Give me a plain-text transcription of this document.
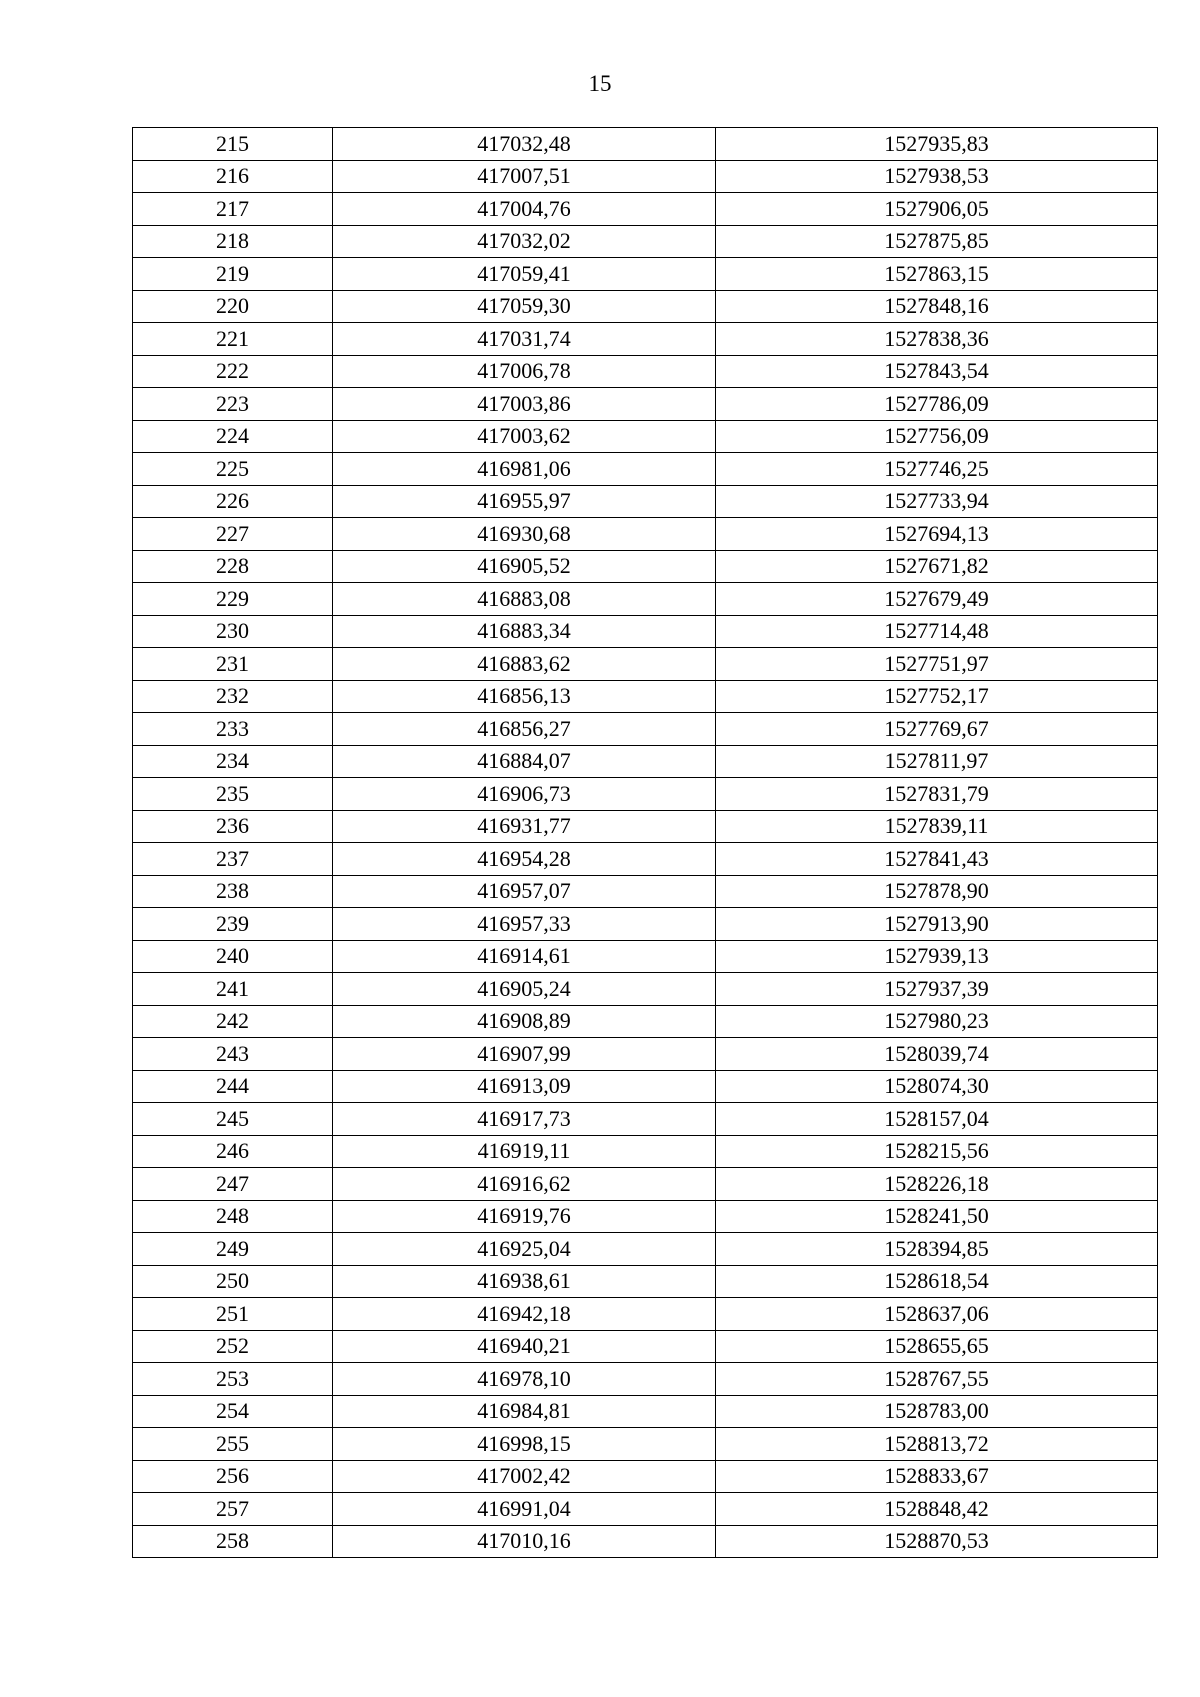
15
215	417032,48	1527935,83
216	417007,51	1527938,53
217	417004,76	1527906,05
218	417032,02	1527875,85
219	417059,41	1527863,15
220	417059,30	1527848,16
221	417031,74	1527838,36
222	417006,78	1527843,54
223	417003,86	1527786,09
224	417003,62	1527756,09
225	416981,06	1527746,25
226	416955,97	1527733,94
227	416930,68	1527694,13
228	416905,52	1527671,82
229	416883,08	1527679,49
230	416883,34	1527714,48
231	416883,62	1527751,97
232	416856,13	1527752,17
233	416856,27	1527769,67
234	416884,07	1527811,97
235	416906,73	1527831,79
236	416931,77	1527839,11
237	416954,28	1527841,43
238	416957,07	1527878,90
239	416957,33	1527913,90
240	416914,61	1527939,13
241	416905,24	1527937,39
242	416908,89	1527980,23
243	416907,99	1528039,74
244	416913,09	1528074,30
245	416917,73	1528157,04
246	416919,11	1528215,56
247	416916,62	1528226,18
248	416919,76	1528241,50
249	416925,04	1528394,85
250	416938,61	1528618,54
251	416942,18	1528637,06
252	416940,21	1528655,65
253	416978,10	1528767,55
254	416984,81	1528783,00
255	416998,15	1528813,72
256	417002,42	1528833,67
257	416991,04	1528848,42
258	417010,16	1528870,53
